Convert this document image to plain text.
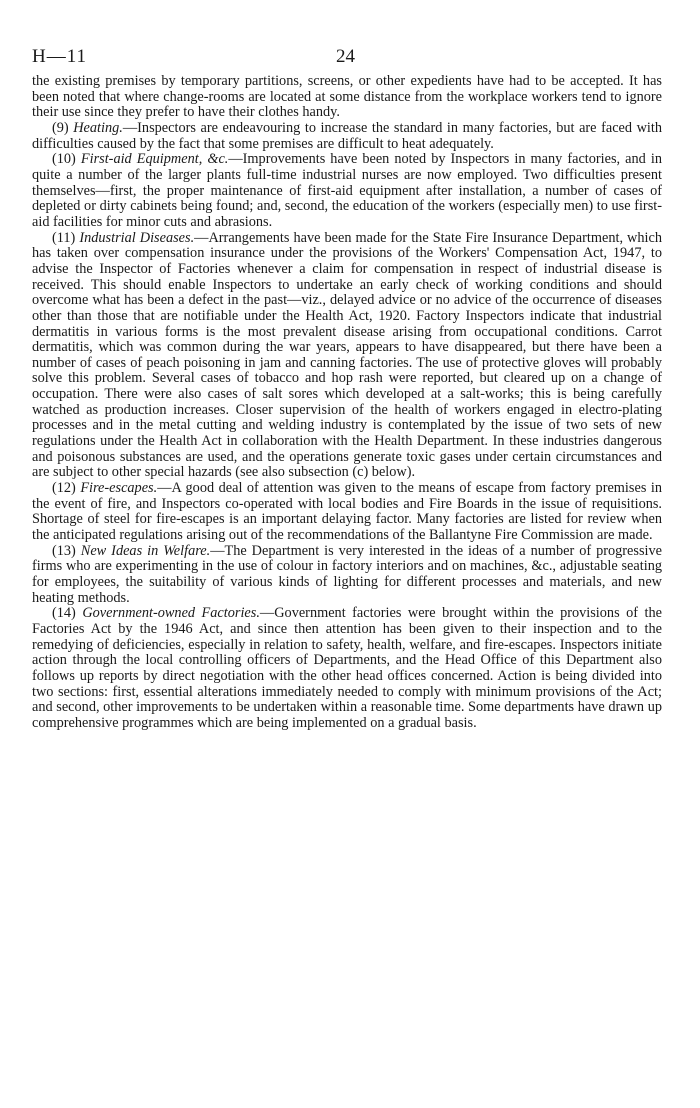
H—11	24

the existing premises by temporary partitions, screens, or other expedients have had to be accepted. It has been noted that where change-rooms are located at some distance from the workplace workers tend to ignore their use since they prefer to have their clothes handy.

(9) Heating.—Inspectors are endeavouring to increase the standard in many factories, but are faced with difficulties caused by the fact that some premises are difficult to heat adequately.

(10) First-aid Equipment, &c.—Improvements have been noted by Inspectors in many factories, and in quite a number of the larger plants full-time industrial nurses are now employed. Two difficulties present themselves—first, the proper maintenance of first-aid equipment after installation, a number of cases of depleted or dirty cabinets being found; and, second, the education of the workers (especially men) to use first-aid facilities for minor cuts and abrasions.

(11) Industrial Diseases.—Arrangements have been made for the State Fire Insurance Department, which has taken over compensation insurance under the provisions of the Workers' Compensation Act, 1947, to advise the Inspector of Factories whenever a claim for compensation in respect of industrial disease is received. This should enable Inspectors to undertake an early check of working conditions and should overcome what has been a defect in the past—viz., delayed advice or no advice of the occurrence of diseases other than those that are notifiable under the Health Act, 1920. Factory Inspectors indicate that industrial dermatitis in various forms is the most prevalent disease arising from occupational conditions. Carrot dermatitis, which was common during the war years, appears to have disappeared, but there have been a number of cases of peach poisoning in jam and canning factories. The use of protective gloves will probably solve this problem. Several cases of tobacco and hop rash were reported, but cleared up on a change of occupation. There were also cases of salt sores which developed at a salt-works; this is being carefully watched as production increases. Closer supervision of the health of workers engaged in electro-plating processes and in the metal cutting and welding industry is contemplated by the issue of two sets of new regulations under the Health Act in collaboration with the Health Department. In these industries dangerous and poisonous substances are used, and the operations generate toxic gases under certain circumstances and are subject to other special hazards (see also subsection (c) below).

(12) Fire-escapes.—A good deal of attention was given to the means of escape from factory premises in the event of fire, and Inspectors co-operated with local bodies and Fire Boards in the issue of requisitions. Shortage of steel for fire-escapes is an important delaying factor. Many factories are listed for review when the anticipated regulations arising out of the recommendations of the Ballantyne Fire Commission are made.

(13) New Ideas in Welfare.—The Department is very interested in the ideas of a number of progressive firms who are experimenting in the use of colour in factory interiors and on machines, &c., adjustable seating for employees, the suitability of various kinds of lighting for different processes and materials, and new heating methods.

(14) Government-owned Factories.—Government factories were brought within the provisions of the Factories Act by the 1946 Act, and since then attention has been given to their inspection and to the remedying of deficiencies, especially in relation to safety, health, welfare, and fire-escapes. Inspectors initiate action through the local controlling officers of Departments, and the Head Office of this Department also follows up reports by direct negotiation with the other head offices concerned. Action is being divided into two sections: first, essential alterations immediately needed to comply with minimum provisions of the Act; and second, other improvements to be undertaken within a reasonable time. Some departments have drawn up comprehensive programmes which are being implemented on a gradual basis.
